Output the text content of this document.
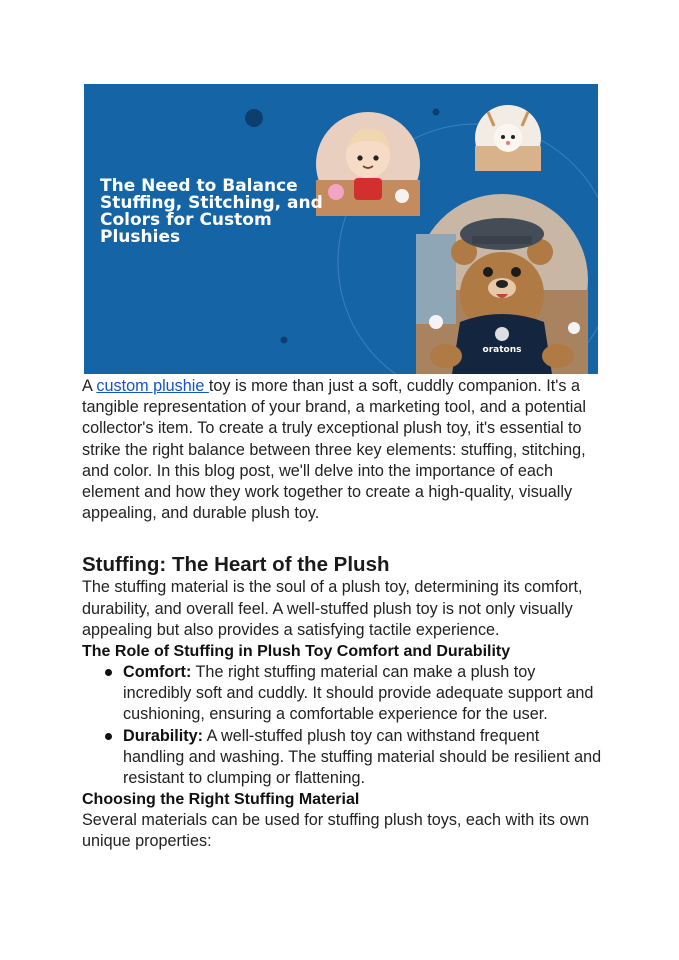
oratons
The Need to Balance Stuffing, Stitching, and Colors for Custom Plushies

A custom plushie toy is more than just a soft, cuddly companion. It's a tangible representation of your brand, a marketing tool, and a potential collector's item. To create a truly exceptional plush toy, it's essential to strike the right balance between three key elements: stuffing, stitching, and color. In this blog post, we'll delve into the importance of each element and how they work together to create a high-quality, visually appealing, and durable plush toy.

Stuffing: The Heart of the Plush

The stuffing material is the soul of a plush toy, determining its comfort, durability, and overall feel. A well-stuffed plush toy is not only visually appealing but also provides a satisfying tactile experience.

The Role of Stuffing in Plush Toy Comfort and Durability
Comfort: The right stuffing material can make a plush toy incredibly soft and cuddly. It should provide adequate support and cushioning, ensuring a comfortable experience for the user.
Durability: A well-stuffed plush toy can withstand frequent handling and washing. The stuffing material should be resilient and resistant to clumping or flattening.
Choosing the Right Stuffing Material

Several materials can be used for stuffing plush toys, each with its own unique properties:
